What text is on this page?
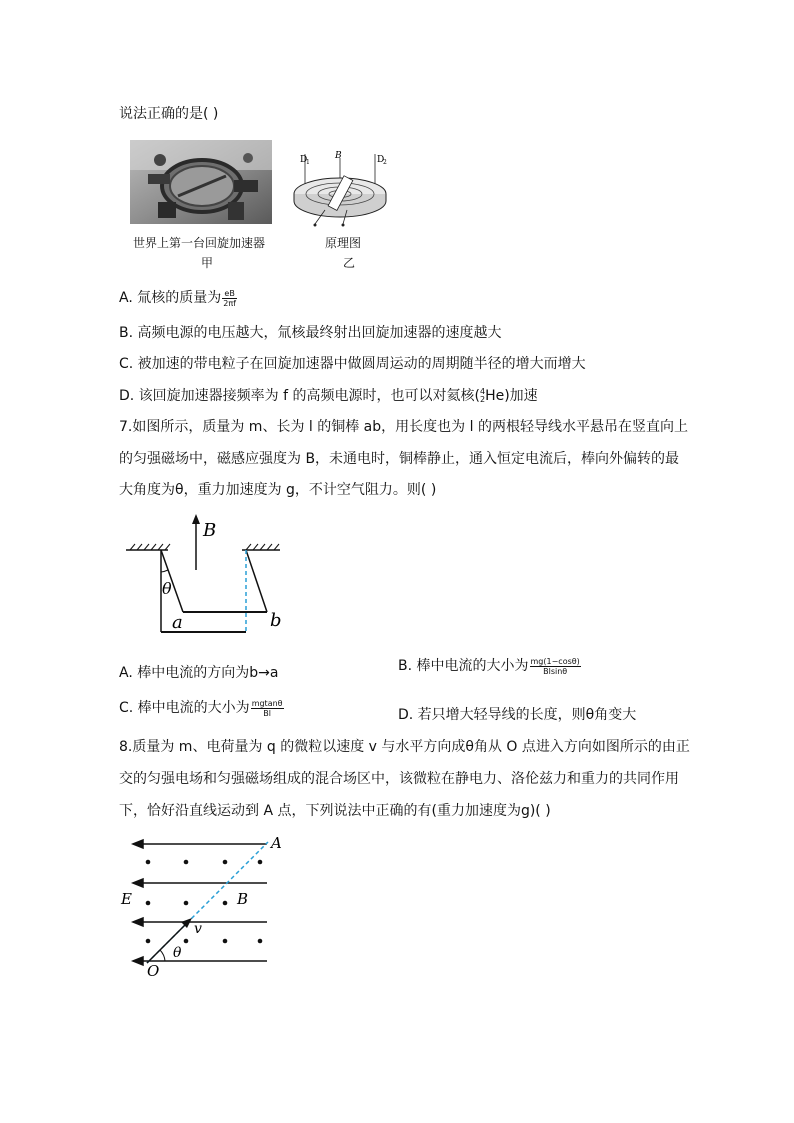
说法正确的是( )
D
1
B	D
2
世界上第一台回旋加速器
甲
原理图
乙
A. 氚核的质量为 $\frac{eB}{2\pi f}$
B. 高频电源的电压越大，氚核最终射出回旋加速器的速度越大
C. 被加速的带电粒子在回旋加速器中做圆周运动的周期随半径的增大而增大
D. 该回旋加速器接频率为 f 的高频电源时，也可以对氦核( 4
2 He)加速
7.如图所示，质量为 m、长为 l 的铜棒 ab，用长度也为 l 的两根轻导线水平悬吊在竖直向上
的匀强磁场中，磁感应强度为 B，未通电时，铜棒静止，通入恒定电流后，棒向外偏转的最
大角度为θ，重力加速度为 g，不计空气阻力。则( )
B
θ
a	b
A. 棒中电流的方向为b→a	B. 棒中电流的大小为 $\frac{mg(1-\cos\theta)}{Blsin\theta}$
C. 棒中电流的大小为 $\frac{mgtan\theta}{Bl}$	D. 若只增大轻导线的长度，则θ角变大
8.质量为 m、电荷量为 q 的微粒以速度 v 与水平方向成θ角从 O 点进入方向如图所示的由正
交的匀强电场和匀强磁场组成的混合场区中，该微粒在静电力、洛伦兹力和重力的共同作用
下，恰好沿直线运动到 A 点，下列说法中正确的有(重力加速度为g)( )
A
E	B
v
θ
O
